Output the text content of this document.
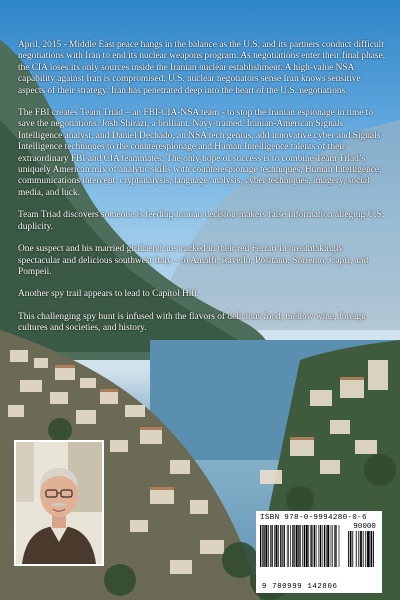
April, 2015 - Middle East peace hangs in the balance as the U.S. and its partners conduct difficult negotiations with Iran to end its nuclear weapons program. As negotiations enter their final phase, the CIA loses its only sources inside the Iranian nuclear establishment. A high-value NSA capability against Iran is compromised. U.S. nuclear negotiators sense Iran knows sensitive aspects of their strategy. Iran has penetrated deep into the heart of the U.S. negotiations.

The FBI creates Team Triad – an FBI-CIA-NSA team - to stop the Iranian espionage in time to save the negotiations. Josh Shirazi, a brilliant, Navy-trained, Iranian-American Signals Intelligence analyst, and Daniel Dechado, an NSA tech genius, add innovative cyber and Signals Intelligence techniques to the counterespionage and Human Intelligence talents of their extraordinary FBI and CIA teammates. The only hope of success is to combine Team Triad’s uniquely American mix of analytic skills with counterespionage techniques, Human Intelligence, communications intercept, cryptanalysis, language analysis, cyber techniques, imagery, social media, and luck.

Team Triad discovers someone is feeding Iranian decision-makers false information alleging U.S. duplicity.

One suspect and his married girlfriend are tracked in their red Ferrari in breathtakingly spectacular and delicious southwest Italy – to Amalfi, Ravello, Positano, Sorrento, Capri, and Pompeii.

Another spy trail appears to lead to Capitol Hill.

This challenging spy hunt is infused with the flavors of delicious food, mellow wine, foreign cultures and societies, and history.

ISBN 978-0-9994280-0-6
90000
9 780999 142806
